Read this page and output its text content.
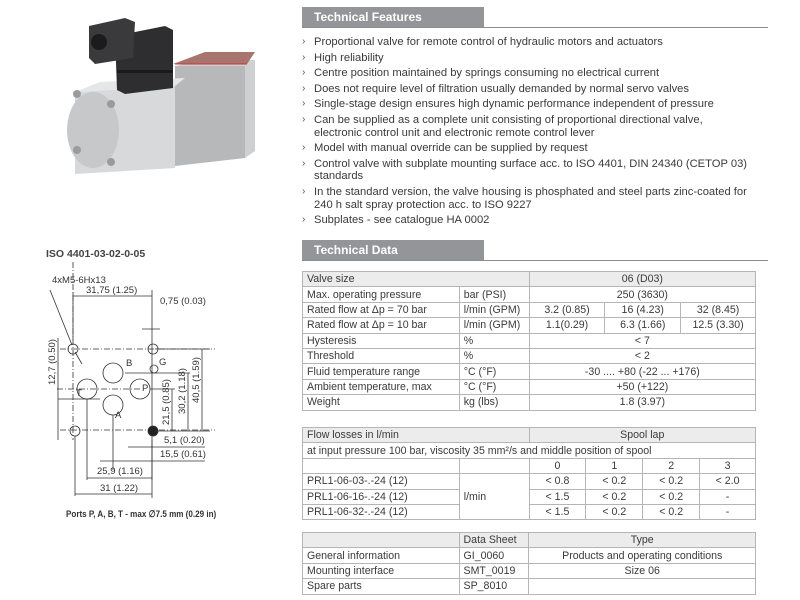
Technical Features
› Proportional valve for remote control of hydraulic motors and actuators
› High reliability
› Centre position maintained by springs consuming no electrical current
› Does not require level of filtration usually demanded by normal servo valves
› Single-stage design ensures high dynamic performance independent of pressure
› Can be supplied as a complete unit consisting of proportional directional valve, electronic control unit and electronic remote control lever
› Model with manual override can be supplied by request
› Control valve with subplate mounting surface acc. to ISO 4401, DIN 24340 (CETOP 03) standards
› In the standard version, the valve housing is phosphated and steel parts zinc-coated for 240 h salt spray protection acc. to ISO 9227
› Subplates - see catalogue HA 0002
Technical Data
Valve size		06 (D03)		
Max. operating pressure	bar (PSI)	250 (3630)		
Rated flow at Δp = 70 bar	l/min (GPM)	3.2 (0.85)	16 (4.23)	32 (8.45)
Rated flow at Δp = 10 bar	l/min (GPM)	1.1(0.29)	6.3 (1.66)	12.5 (3.30)
Hysteresis	%	< 7		
Threshold	%	< 2		
Fluid temperature range	°C (°F)	-30 .... +80 (-22 ... +176)		
Ambient temperature, max	°C (°F)	+50 (+122)		
Weight	kg (lbs)	1.8 (3.97)		
Flow losses in l/min		Spool lap			
at input pressure 100 bar, viscosity 35 mm²/s and middle position of spool					
		0	1	2	3
PRL1-06-03-.-24 (12)	l/min	< 0.8	< 0.2	< 0.2	< 2.0
PRL1-06-16-.-24 (12)		< 1.5	< 0.2	< 0.2	-
PRL1-06-32-.-24 (12)		< 1.5	< 0.2	< 0.2	-
	Data Sheet	Type
General information	GI_0060	Products and operating conditions
Mounting interface	SMT_0019	Size 06
Spare parts	SP_8010	
ISO 4401-03-02-0-05
4xM5-6Hx13
31,75 (1.25)
0,75 (0.03)
B	G
T	P
A
12,7 (0.50)
21,5 (0.85) 30,2 (1.18) 40,5 (1.59)
5,1 (0.20)
15,5 (0.61)
25,9 (1.16)
31 (1.22)
Ports P, A, B, T - max ∅7.5 mm (0.29 in)
